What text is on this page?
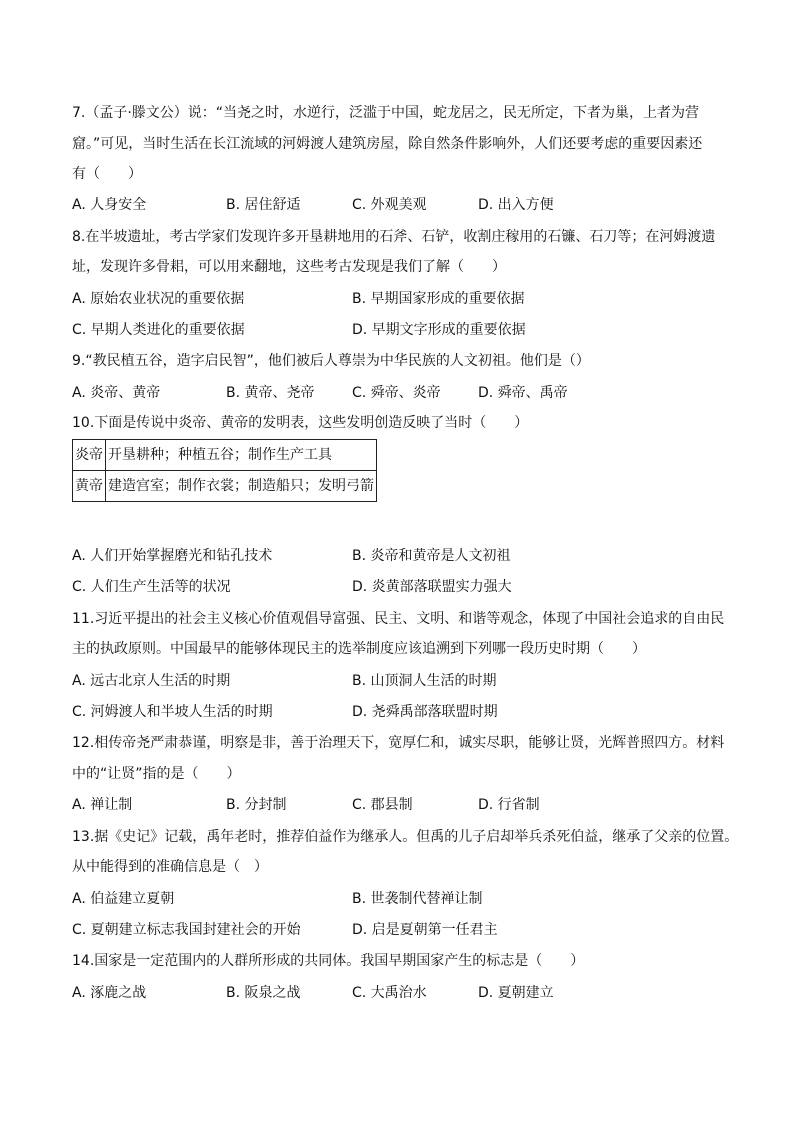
7.（孟子·滕文公）说：“当尧之时，水逆行，泛滥于中国，蛇龙居之，民无所定，下者为巢，上者为营
窟。”可见，当时生活在长江流域的河姆渡人建筑房屋，除自然条件影响外，人们还要考虑的重要因素还
有（　　）
A. 人身安全	B. 居住舒适	C. 外观美观	D. 出入方便
8.在半坡遗址，考古学家们发现许多开垦耕地用的石斧、石铲，收割庄稼用的石镰、石刀等；在河姆渡遗
址，发现许多骨耜，可以用来翻地，这些考古发现是我们了解（　　）
A. 原始农业状况的重要依据	B. 早期国家形成的重要依据
C. 早期人类进化的重要依据	D. 早期文字形成的重要依据
9.“教民植五谷，造字启民智”，他们被后人尊崇为中华民族的人文初祖。他们是（）
A. 炎帝、黄帝	B. 黄帝、尧帝	C. 舜帝、炎帝	D. 舜帝、禹帝
10.下面是传说中炎帝、黄帝的发明表，这些发明创造反映了当时（　　）
炎帝	开垦耕种；种植五谷；制作生产工具
黄帝	建造宫室；制作衣裳；制造船只；发明弓箭
A. 人们开始掌握磨光和钻孔技术	B. 炎帝和黄帝是人文初祖
C. 人们生产生活等的状况	D. 炎黄部落联盟实力强大
11.习近平提出的社会主义核心价值观倡导富强、民主、文明、和谐等观念，体现了中国社会追求的自由民
主的执政原则。中国最早的能够体现民主的选举制度应该追溯到下列哪一段历史时期（　　）
A. 远古北京人生活的时期	B. 山顶洞人生活的时期
C. 河姆渡人和半坡人生活的时期	D. 尧舜禹部落联盟时期
12.相传帝尧严肃恭谨，明察是非，善于治理天下，宽厚仁和，诚实尽职，能够让贤，光辉普照四方。材料
中的“让贤”指的是（　　）
A. 禅让制	B. 分封制	C. 郡县制	D. 行省制
13.据《史记》记载，禹年老时，推荐伯益作为继承人。但禹的儿子启却举兵杀死伯益，继承了父亲的位置。
从中能得到的准确信息是（　）
A. 伯益建立夏朝	B. 世袭制代替禅让制
C. 夏朝建立标志我国封建社会的开始	D. 启是夏朝第一任君主
14.国家是一定范围内的人群所形成的共同体。我国早期国家产生的标志是（　　）
A. 涿鹿之战	B. 阪泉之战	C. 大禹治水	D. 夏朝建立
